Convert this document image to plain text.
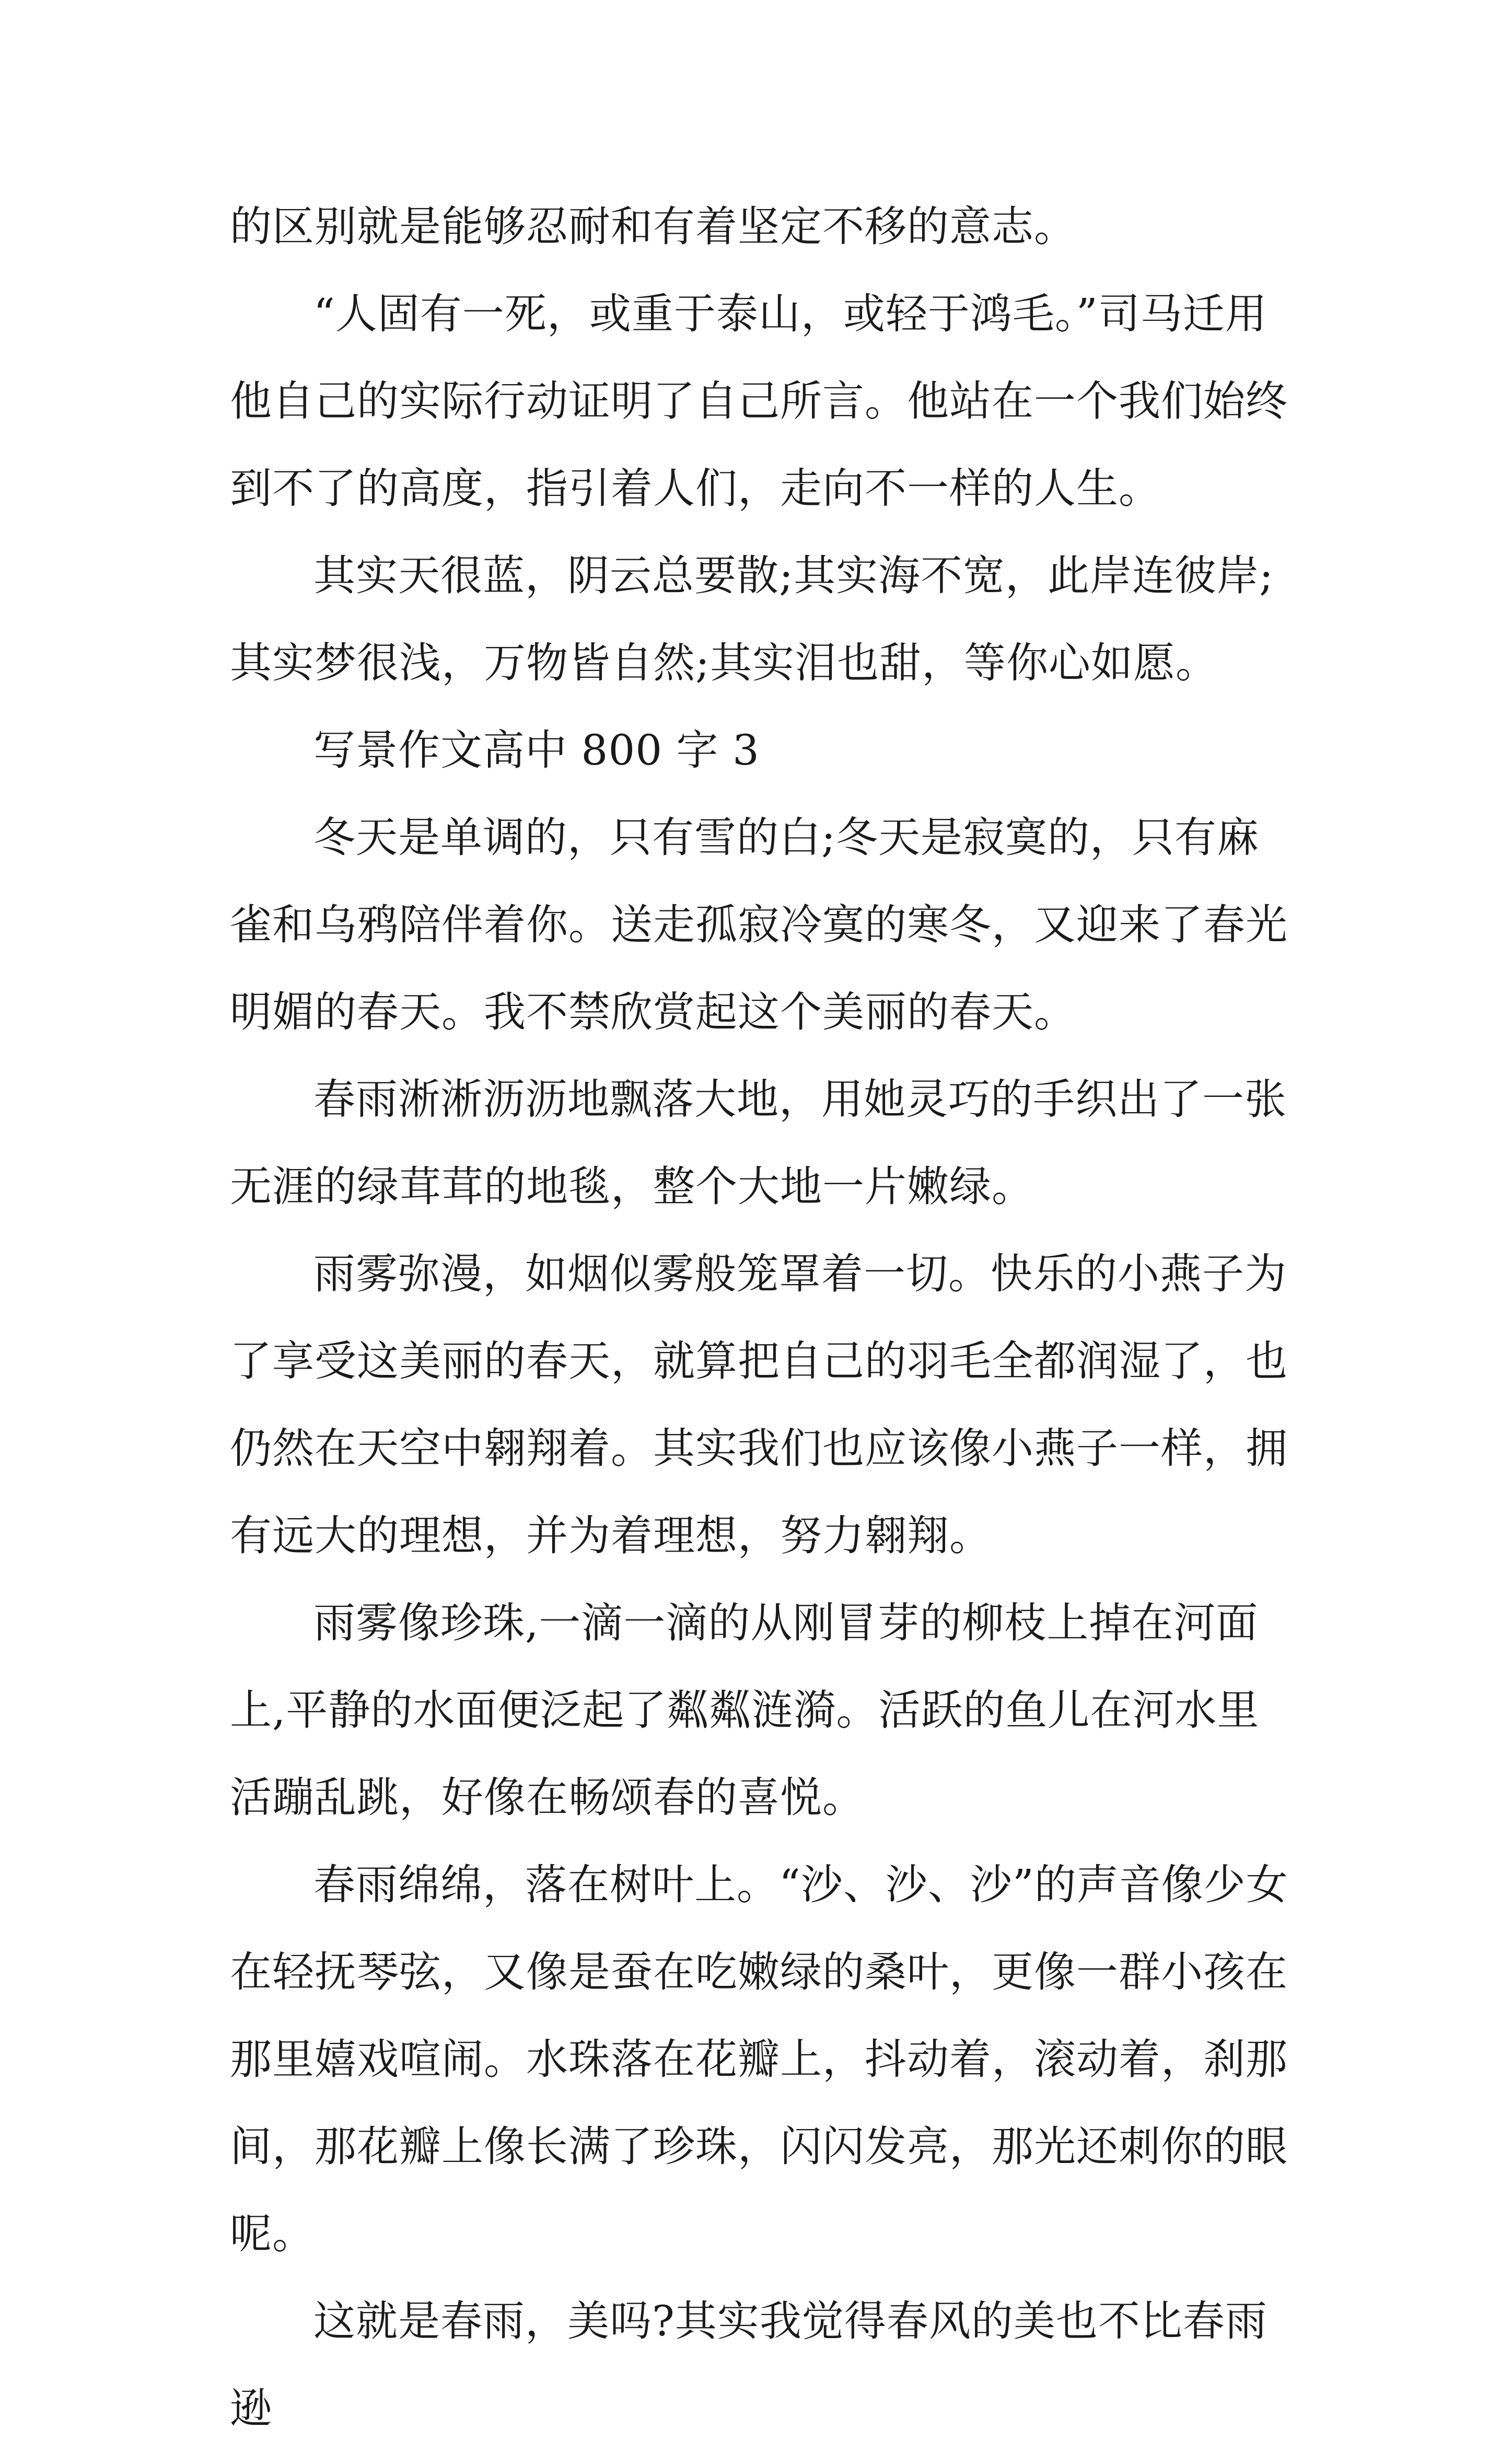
的区别就是能够忍耐和有着坚定不移的意志。

“人固有一死，或重于泰山，或轻于鸿毛。”司马迁用他自己的实际行动证明了自己所言。他站在一个我们始终到不了的高度，指引着人们，走向不一样的人生。

其实天很蓝，阴云总要散;其实海不宽，此岸连彼岸;其实梦很浅，万物皆自然;其实泪也甜，等你心如愿。

写景作文高中 800 字 3

冬天是单调的，只有雪的白;冬天是寂寞的，只有麻雀和乌鸦陪伴着你。送走孤寂冷寞的寒冬，又迎来了春光明媚的春天。我不禁欣赏起这个美丽的春天。

春雨淅淅沥沥地飘落大地，用她灵巧的手织出了一张无涯的绿茸茸的地毯，整个大地一片嫩绿。

雨雾弥漫，如烟似雾般笼罩着一切。快乐的小燕子为了享受这美丽的春天，就算把自己的羽毛全都润湿了，也仍然在天空中翱翔着。其实我们也应该像小燕子一样，拥有远大的理想，并为着理想，努力翱翔。

雨雾像珍珠,一滴一滴的从刚冒芽的柳枝上掉在河面上,平静的水面便泛起了粼粼涟漪。活跃的鱼儿在河水里活蹦乱跳，好像在畅颂春的喜悦。

春雨绵绵，落在树叶上。“沙、沙、沙”的声音像少女在轻抚琴弦，又像是蚕在吃嫩绿的桑叶，更像一群小孩在那里嬉戏喧闹。水珠落在花瓣上，抖动着，滚动着，刹那间，那花瓣上像长满了珍珠，闪闪发亮，那光还刺你的眼呢。

这就是春雨，美吗?其实我觉得春风的美也不比春雨逊
